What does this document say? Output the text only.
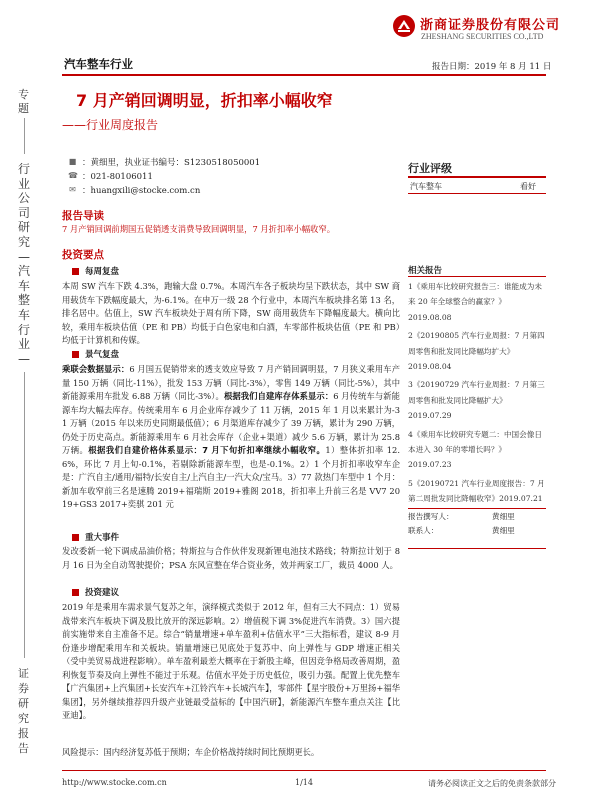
浙商证券股份有限公司
ZHESHANG SECURITIES CO.,LTD
汽车整车行业	报告日期：2019 年 8 月 11 日
专
题
行
业
公
司
研
究
—
汽
车
整
车
行
业
—
证
券
研
究
报
告
7 月产销回调明显，折扣率小幅收窄
——行业周度报告
■ ：黄细里，执业证书编号：S1230518050001
☎ ：021-80106011
✉ ：huangxili@stocke.com.cn
行业评级
汽车整车	看好
相关报告
1《乘用车比较研究报告三：谁能成为未来 20 年全球整合的赢家？》2019.08.08
2《20190805 汽车行业周报：7 月第四周零售和批发同比降幅均扩大》2019.08.04
3《20190729 汽车行业周报：7 月第三周零售和批发同比降幅扩大》2019.07.29
4《乘用车比较研究专题二：中国会像日本进入 30 年的零增长吗？》2019.07.23
5《20190721 汽车行业周度报告：7 月第二周批发同比降幅收窄》2019.07.21
报告撰写人：	黄细里
联系人：	黄细里
报告导读
7 月产销回调前期国五促销透支消费导致回调明显，7 月折扣率小幅收窄。
投资要点
每周复盘
本周 SW 汽车下跌 4.3%，跑输大盘 0.7%。本周汽车各子板块均呈下跌状态，其中 SW 商用载货车下跌幅度最大，为-6.1%。在申万一级 28 个行业中，本周汽车板块排名第 13 名，排名居中。估值上，SW 汽车板块处于周有所下降，SW 商用载货车下降幅度最大。横向比较，乘用车板块估值（PE 和 PB）均低于白色家电和白酒，车零部件板块估值（PE 和 PB）均低于计算机和传媒。
景气复盘
乘联会数据显示：6 月国五促销带来的透支效应导致 7 月产销回调明显，7 月狭义乘用车产量 150 万辆（同比-11%），批发 153 万辆（同比-3%），零售 149 万辆（同比-5%），其中新能源乘用车批发 6.88 万辆（同比-3%）。根据我们自建库存体系显示：6 月传统车与新能源车均大幅去库存。传统乘用车 6 月企业库存减少了 11 万辆，2015 年 1 月以来累计为-31 万辆（2015 年以来历史同期最低值）；6 月渠道库存减少了 39 万辆，累计为 290 万辆，仍处于历史高点。新能源乘用车 6 月社会库存（企业+渠道）减少 5.6 万辆，累计为 25.8 万辆。根据我们自建价格体系显示：7 月下旬折扣率继续小幅收窄。1）整体折扣率 12.6%，环比 7 月上旬-0.1%，若剔除新能源车型，也是-0.1%。2）1 个月折扣率收窄车企是：广汽自主/通用/福特/长安自主/上汽自主/一汽大众/宝马。3）77 款热门车型中 1 个月：新加车收窄前三名是速腾 2019+福瑞斯 2019+雅阁 2018，折扣率上升前三名是 VV7 2019+GS3 2017+奕骐 201 元
重大事件
发改委新一轮下调成品油价格；特斯拉与合作伙伴发现新锂电池技术路线；特斯拉计划于 8 月 16 日为全自动驾驶提价；PSA 东风宣整在华合资业务，效并两家工厂，裁员 4000 人。
投资建议
2019 年是乘用车需求景气复苏之年，演绎模式类似于 2012 年，但有三大不同点：1）贸易战带来汽车板块下调及股比放开的深远影响。2）增值税下调 3%促进汽车消费。3）国六提前实施带来自主准备不足。综合“销量增速+单车盈利+估值水平”三大指标看，建议 8-9 月份逢步增配乘用车和关板块。销量增速已见底处于复苏中、向上弹性与 GDP 增速正相关（受中美贸易战进程影响）。单车盈利最差大概率在于新股主峰，但因竞争格局改善周期，盈利恢复节奏及向上弹性不能过于乐观。估值水平处于历史低位，吸引力强。配置上优先整车【广汽集团+上汽集团+长安汽车+江铃汽车+长城汽车】，零部件【星宇股份+万里扬+福华集团】，另外继续推荐四升级产业链最受益标的【中国汽研】，新能源汽车整车重点关注【比亚迪】。
风险提示：国内经济复苏低于预期；车企价格战持续时间比预期更长。
http://www.stocke.com.cn	1/14	请务必阅读正文之后的免责条款部分
